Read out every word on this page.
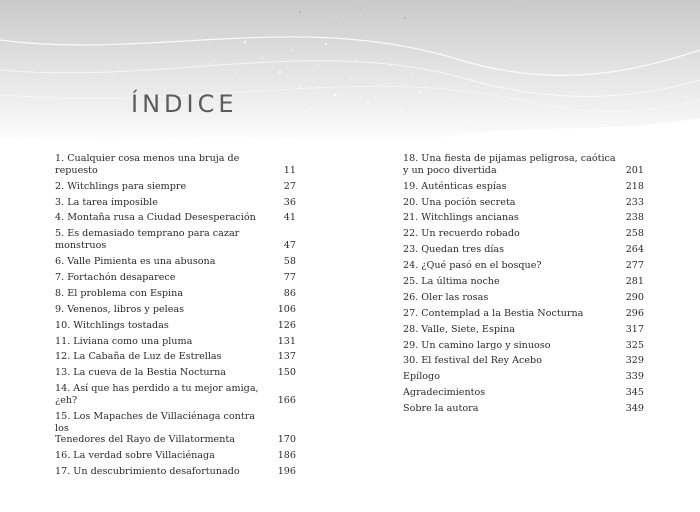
ÍNDICE
1. Cualquier cosa menos una bruja de repuesto	11
2. Witchlings para siempre	27
3. La tarea imposible	36
4. Montaña rusa a Ciudad Desesperación	41
5. Es demasiado temprano para cazar monstruos	47
6. Valle Pimienta es una abusona	58
7. Fortachón desaparece	77
8. El problema con Espina	86
9. Venenos, libros y peleas	106
10. Witchlings tostadas	126
11. Liviana como una pluma	131
12. La Cabaña de Luz de Estrellas	137
13. La cueva de la Bestia Nocturna	150
14. Así que has perdido a tu mejor amiga, ¿eh?	166
15. Los Mapaches de Villaciénaga contra los
Tenedores del Rayo de Villatormenta	170
16. La verdad sobre Villaciénaga	186
17. Un descubrimiento desafortunado	196
18. Una fiesta de pijamas peligrosa, caótica
y un poco divertida	201
19. Auténticas espías	218
20. Una poción secreta	233
21. Witchlings ancianas	238
22. Un recuerdo robado	258
23. Quedan tres días	264
24. ¿Qué pasó en el bosque?	277
25. La última noche	281
26. Oler las rosas	290
27. Contemplad a la Bestia Nocturna	296
28. Valle, Siete, Espina	317
29. Un camino largo y sinuoso	325
30. El festival del Rey Acebo	329
Epílogo	339
Agradecimientos	345
Sobre la autora	349
